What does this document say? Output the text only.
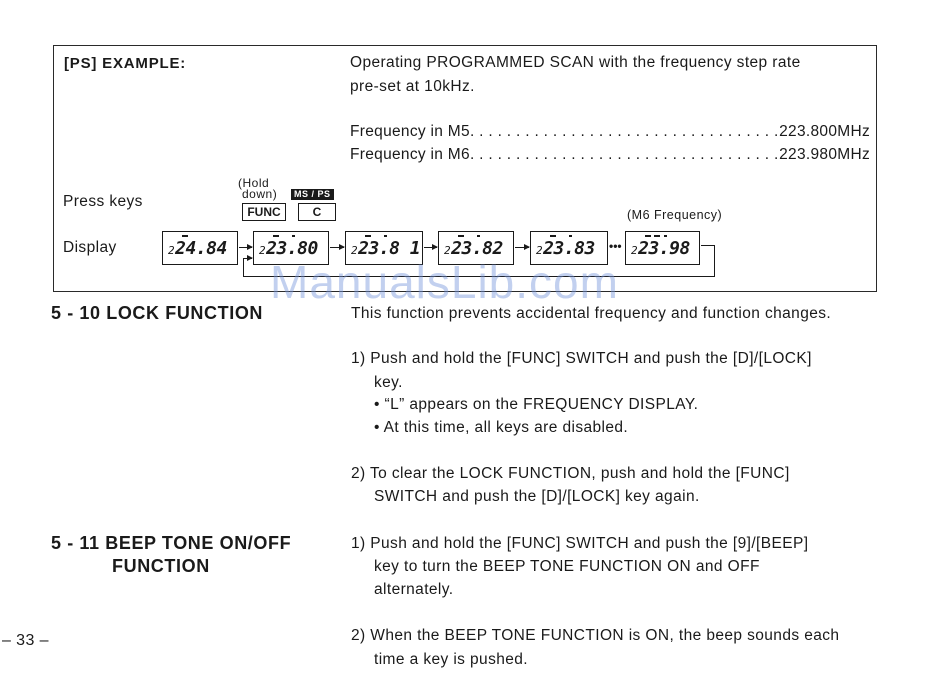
[PS] EXAMPLE:	Operating PROGRAMMED SCAN with the frequency step rate
pre-set at 10kHz.
Frequency in M5 . . .	223.800MHz
Frequency in M6 . . .	223.980MHz
Press keys
Display
(Hold
down)	MS / PS
FUNC	C	(M6 Frequency)
224.84	223.80	223.8 1 223.82	223.83 ••• 223.98
ManualsLib.com
5 - 10 LOCK FUNCTION	This function prevents accidental frequency and function changes.
1) Push and hold the [FUNC] SWITCH and push the [D]/[LOCK]
key.
• “L” appears on the FREQUENCY DISPLAY.
• At this time, all keys are disabled.
2) To clear the LOCK FUNCTION, push and hold the [FUNC]
SWITCH and push the [D]/[LOCK] key again.
5 - 11 BEEP TONE ON/OFF
FUNCTION
1) Push and hold the [FUNC] SWITCH and push the [9]/[BEEP]
key to turn the BEEP TONE FUNCTION ON and OFF
alternately.
2) When the BEEP TONE FUNCTION is ON, the beep sounds each
time a key is pushed.
– 33 –
